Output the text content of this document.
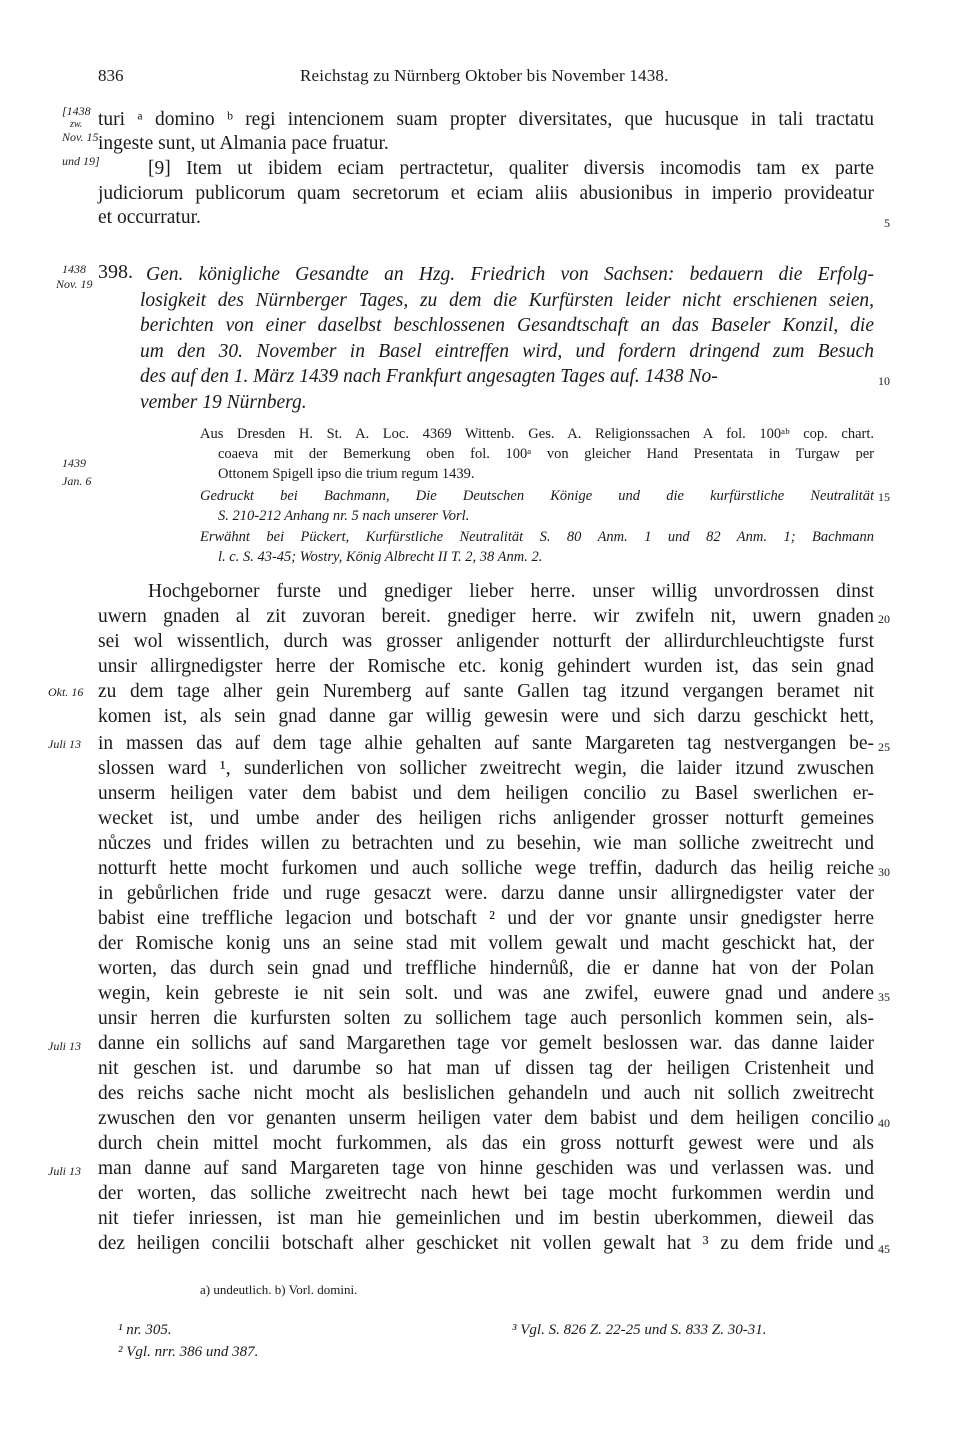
836	Reichstag zu Nürnberg Oktober bis November 1438.
[1438
zw.
Nov. 15
und 19]
turi ᵃ domino ᵇ regi intencionem suam propter diversitates, que hucusque in tali tractatu
ingeste sunt, ut Almania pace fruatur.
[9] Item ut ibidem eciam pertractetur, qualiter diversis incomodis tam ex parte
judiciorum publicorum quam secretorum et eciam aliis abusionibus in imperio provideatur
et occurratur.	5
1438
Nov. 19
398. Gen. königliche Gesandte an Hzg. Friedrich von Sachsen: bedauern die Erfolg-
losigkeit des Nürnberger Tages, zu dem die Kurfürsten leider nicht erschienen seien,
berichten von einer daselbst beschlossenen Gesandtschaft an das Baseler Konzil, die
um den 30. November in Basel eintreffen wird, und fordern dringend zum Besuch
des auf den 1. März 1439 nach Frankfurt angesagten Tages auf. 1438 No-	10
vember 19 Nürnberg.
1439
Jan. 6
Aus Dresden H. St. A. Loc. 4369 Wittenb. Ges. A. Religionssachen A fol. 100ᵃᵇ cop. chart.
coaeva mit der Bemerkung oben fol. 100ᵃ von gleicher Hand Presentata in Turgaw per
Ottonem Spigell ipso die trium regum 1439.
Gedruckt bei Bachmann, Die Deutschen Könige und die kurfürstliche Neutralität 15
S. 210-212 Anhang nr. 5 nach unserer Vorl.
Erwähnt bei Pückert, Kurfürstliche Neutralität S. 80 Anm. 1 und 82 Anm. 1; Bachmann
l. c. S. 43-45; Wostry, König Albrecht II T. 2, 38 Anm. 2.
Hochgeborner furste und gnediger lieber herre. unser willig unvordrossen dinst
uwern gnaden al zit zuvoran bereit. gnediger herre. wir zwifeln nit, uwern gnaden 20
sei wol wissentlich, durch was grosser anligender notturft der allirdurchleuchtigste furst
unsir allirgnedigster herre der Romische etc. konig gehindert wurden ist, das sein gnad
Okt. 16 zu dem tage alher gein Nuremberg auf sante Gallen tag itzund vergangen beramet nit
komen ist, als sein gnad danne gar willig gewesin were und sich darzu geschickt hett,
Juli 13 in massen das auf dem tage alhie gehalten auf sante Margareten tag nestvergangen be- 25
slossen ward ¹, sunderlichen von sollicher zweitrecht wegin, die laider itzund zwuschen
unserm heiligen vater dem babist und dem heiligen concilio zu Basel swerlichen er-
wecket ist, und umbe ander des heiligen richs anligender grosser notturft gemeines
nůczes und frides willen zu betrachten und zu besehin, wie man solliche zweitrecht und
notturft hette mocht furkomen und auch solliche wege treffin, dadurch das heilig reiche 30
in gebůrlichen fride und ruge gesaczt were. darzu danne unsir allirgnedigster vater der
babist eine treffliche legacion und botschaft ² und der vor gnante unsir gnedigster herre
der Romische konig uns an seine stad mit vollem gewalt und macht geschickt hat, der
worten, das durch sein gnad und treffliche hindernůß, die er danne hat von der Polan
wegin, kein gebreste ie nit sein solt. und was ane zwifel, euwere gnad und andere 35
unsir herren die kurfursten solten zu sollichem tage auch personlich kommen sein, als-
Juli 13 danne ein sollichs auf sand Margarethen tage vor gemelt beslossen war. das danne laider
nit geschen ist. und darumbe so hat man uf dissen tag der heiligen Cristenheit und
des reichs sache nicht mocht als beslislichen gehandeln und auch nit sollich zweitrecht
zwuschen den vor genanten unserm heiligen vater dem babist und dem heiligen concilio 40
durch chein mittel mocht furkommen, als das ein gross notturft gewest were und als
Juli 13 man danne auf sand Margareten tage von hinne geschiden was und verlassen was. und
der worten, das solliche zweitrecht nach hewt bei tage mocht furkommen werdin und
nit tiefer inriessen, ist man hie gemeinlichen und im bestin uberkommen, dieweil das
dez heiligen concilii botschaft alher geschicket nit vollen gewalt hat ³ zu dem fride und 45
a) undeutlich. b) Vorl. domini.
¹ nr. 305.
² Vgl. nrr. 386 und 387.
³ Vgl. S. 826 Z. 22-25 und S. 833 Z. 30-31.
